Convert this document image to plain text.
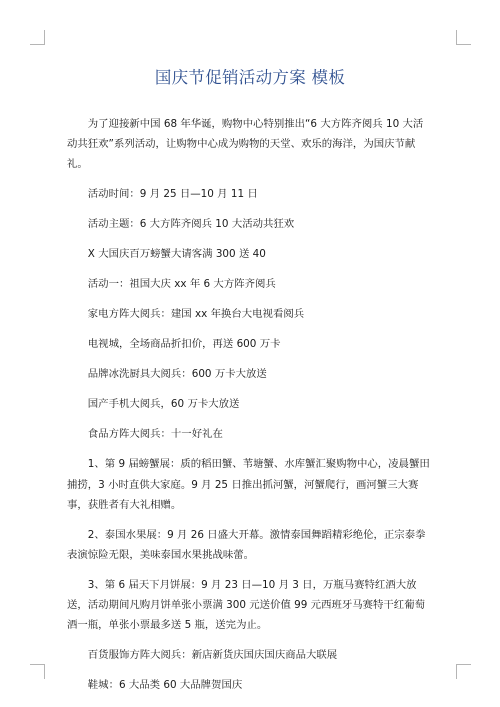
国庆节促销活动方案 模板

为了迎接新中国 68 年华诞，购物中心特别推出“6 大方阵齐阅兵 10 大活动共狂欢”系列活动，让购物中心成为购物的天堂、欢乐的海洋，为国庆节献礼。

活动时间：9 月 25 日—10 月 11 日

活动主题：6 大方阵齐阅兵 10 大活动共狂欢

X 大国庆百万螃蟹大请客满 300 送 40

活动一：祖国大庆 xx 年 6 大方阵齐阅兵

家电方阵大阅兵：建国 xx 年换台大电视看阅兵

电视城，全场商品折扣价，再送 600 万卡

品牌冰洗厨具大阅兵：600 万卡大放送

国产手机大阅兵，60 万卡大放送

食品方阵大阅兵：十一好礼在

1、第 9 届螃蟹展：质的稻田蟹、苇塘蟹、水库蟹汇聚购物中心，凌晨蟹田捕捞，3 小时直供大家庭。9 月 25 日推出抓河蟹，河蟹爬行，画河蟹三大赛事，获胜者有大礼相赠。

2、泰国水果展：9 月 26 日盛大开幕。激情泰国舞蹈精彩绝伦，正宗泰拳表演惊险无限，美味泰国水果挑战味蕾。

3、第 6 届天下月饼展：9 月 23 日—10 月 3 日，万瓶马赛特红酒大放送，活动期间凡购月饼单张小票满 300 元送价值 99 元西班牙马赛特干红葡萄酒一瓶，单张小票最多送 5 瓶，送完为止。

百货服饰方阵大阅兵：新店新货庆国庆国庆商品大联展

鞋城：6 大品类 60 大品牌贺国庆
